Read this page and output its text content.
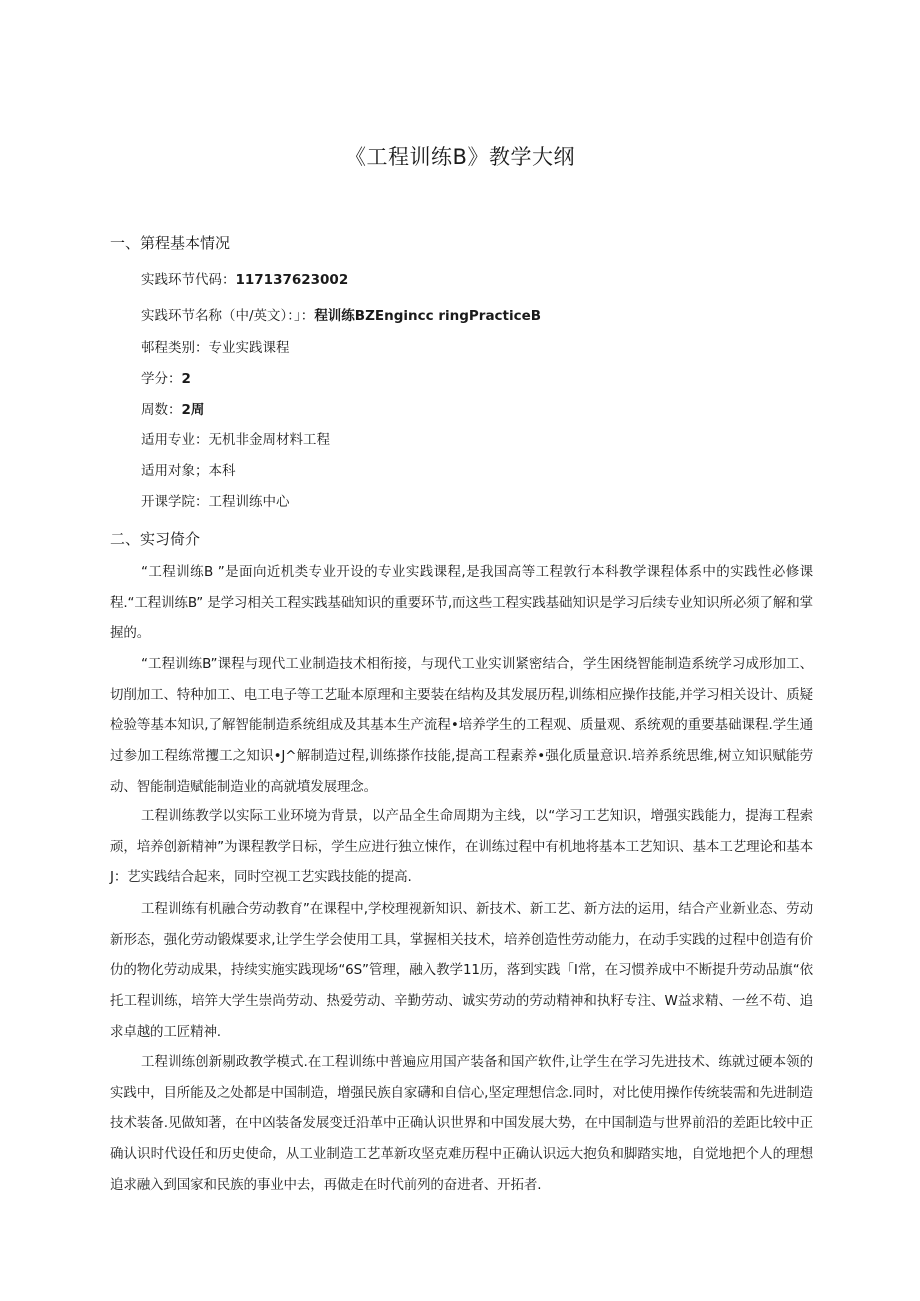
《工程训练B》教学大纲
一、第程基本情况
实践环节代码：117137623002
实践环节名称（中/英文）：」：程训练BZEngincc ringPracticeB
邨程类别：专业实践课程
学分：2
周数：2周
适用专业：无机非金周材料工程
适用对象；本科
开课学院：工程训练中心
二、实习倚介

“工程训练B ”是面向近机类专业开设的专业实践课程,是我国高等工程敦行本科教学课程体系中的实践性必修课程.“工程训练B” 是学习相关工程实践基础知识的重要环节,而这些工程实践基础知识是学习后续专业知识所必须了解和掌握的。

“工程训练B”课程与现代工业制造技术相衔接，与现代工业实训紧密结合，学生困绕智能制造系统学习成形加工、切削加工、特种加工、电工电子等工艺耻本原理和主要装在结构及其发展历程,训练相应操作技能,并学习相关设计、质疑检验等基本知识,了解智能制造系统组成及其基本生产流程•培养学生的工程观、质量观、系统观的重要基础课程.学生通过参加工程练常攫工之知识•J^解制造过程,训练搽作技能,提高工程素养•强化质量意识.培养系统思维,树立知识赋能劳动、智能制造赋能制造业的高就墳发展理念。

工程训练教学以实际工业环境为背景，以产品全生命周期为主线，以“学习工艺知识，增强实践能力，提海工程索顽，培养创新精神”为课程教学日标，学生应进行独立悚作，在训练过程中有机地将基本工艺知识、基本工艺理论和基本J：艺实践结合起来，同时空视工艺实践技能的提高.

工程训练有机融合劳动教育”在课程中,学校理视新知识、新技术、新工艺、新方法的运用，结合产业新业态、劳动新形态，强化劳动锻煤要求,让学生学会使用工具，掌握相关技术，培养创造性劳动能力，在动手实践的过程中创造有价仂的物化劳动成果，持续实施实践现场“6S”管理，融入教学11历，落到实践「I常，在习惯养成中不断提升劳动品旗“依托工程训练，培笄大学生崇尚劳动、热爱劳动、辛勤劳动、诚实劳动的劳动精神和执籽专注、W益求精、一丝不苟、追求卓越的工匠精神.

工程训练创新剔政教学模式.在工程训练中普遍应用国产装备和国产软件,让学生在学习先进技术、练就过硬本领的实践中，目所能及之处都是中国制造，增强民族自家礴和自信心,坚定理想信念.同时，对比使用操作传统装需和先进制造技术装备.见做知著，在中凶装备发展变迁沿革中正确认识世界和中国发展大势，在中国制造与世界前沿的差距比较中正确认识时代设任和历史使命，从工业制造工艺革新攻坚克难历程中正确认识远大抱负和脚踏实地，自觉地把个人的理想追求融入到国家和民族的事业中去，再做走在时代前列的奋进者、开拓者.
